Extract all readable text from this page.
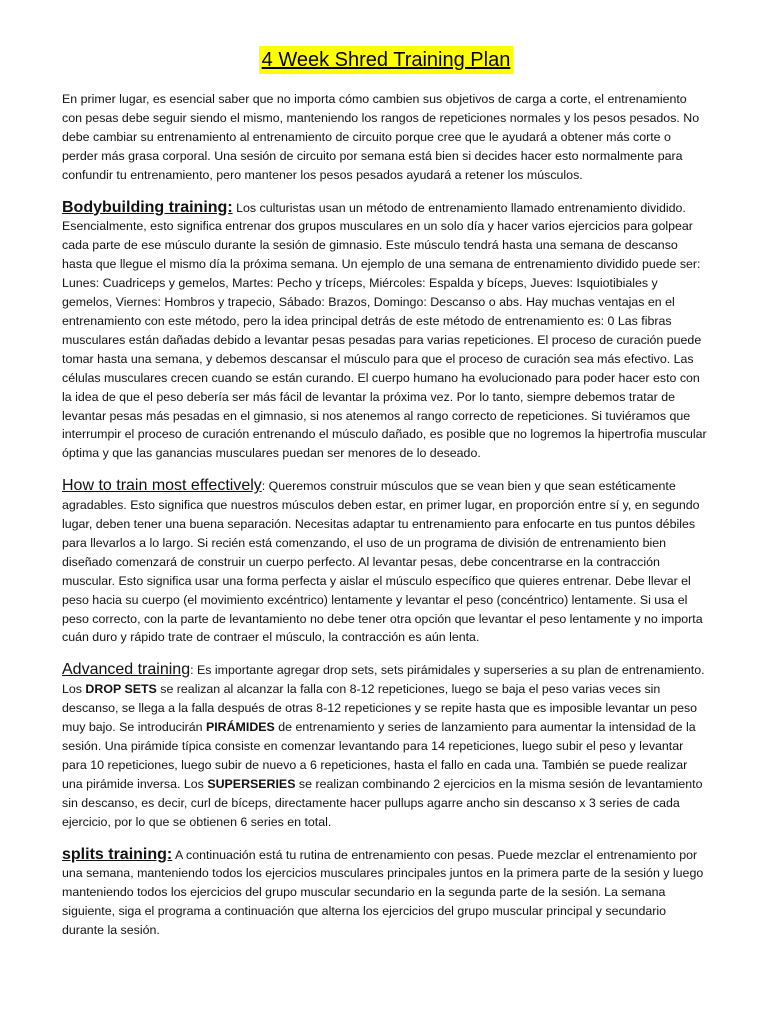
4 Week Shred Training Plan

En primer lugar, es esencial saber que no importa cómo cambien sus objetivos de carga a corte, el entrenamiento con pesas debe seguir siendo el mismo, manteniendo los rangos de repeticiones normales y los pesos pesados. No debe cambiar su entrenamiento al entrenamiento de circuito porque cree que le ayudará a obtener más corte o perder más grasa corporal. Una sesión de circuito por semana está bien si decides hacer esto normalmente para confundir tu entrenamiento, pero mantener los pesos pesados ayudará a retener los músculos.

Bodybuilding training: Los culturistas usan un método de entrenamiento llamado entrenamiento dividido. Esencialmente, esto significa entrenar dos grupos musculares en un solo día y hacer varios ejercicios para golpear cada parte de ese músculo durante la sesión de gimnasio. Este músculo tendrá hasta una semana de descanso hasta que llegue el mismo día la próxima semana. Un ejemplo de una semana de entrenamiento dividido puede ser: Lunes: Cuadriceps y gemelos, Martes: Pecho y tríceps, Miércoles: Espalda y bíceps, Jueves: Isquiotibiales y gemelos, Viernes: Hombros y trapecio, Sábado: Brazos, Domingo: Descanso o abs. Hay muchas ventajas en el entrenamiento con este método, pero la idea principal detrás de este método de entrenamiento es: 0 Las fibras musculares están dañadas debido a levantar pesas pesadas para varias repeticiones. El proceso de curación puede tomar hasta una semana, y debemos descansar el músculo para que el proceso de curación sea más efectivo. Las células musculares crecen cuando se están curando. El cuerpo humano ha evolucionado para poder hacer esto con la idea de que el peso debería ser más fácil de levantar la próxima vez. Por lo tanto, siempre debemos tratar de levantar pesas más pesadas en el gimnasio, si nos atenemos al rango correcto de repeticiones. Si tuviéramos que interrumpir el proceso de curación entrenando el músculo dañado, es posible que no logremos la hipertrofia muscular óptima y que las ganancias musculares puedan ser menores de lo deseado.

How to train most effectively: Queremos construir músculos que se vean bien y que sean estéticamente agradables. Esto significa que nuestros músculos deben estar, en primer lugar, en proporción entre sí y, en segundo lugar, deben tener una buena separación. Necesitas adaptar tu entrenamiento para enfocarte en tus puntos débiles para llevarlos a lo largo. Si recién está comenzando, el uso de un programa de división de entrenamiento bien diseñado comenzará de construir un cuerpo perfecto. Al levantar pesas, debe concentrarse en la contracción muscular. Esto significa usar una forma perfecta y aislar el músculo específico que quieres entrenar. Debe llevar el peso hacia su cuerpo (el movimiento excéntrico) lentamente y levantar el peso (concéntrico) lentamente. Si usa el peso correcto, con la parte de levantamiento no debe tener otra opción que levantar el peso lentamente y no importa cuán duro y rápido trate de contraer el músculo, la contracción es aún lenta.

Advanced training: Es importante agregar drop sets, sets pirámidales y superseries a su plan de entrenamiento. Los DROP SETS se realizan al alcanzar la falla con 8-12 repeticiones, luego se baja el peso varias veces sin descanso, se llega a la falla después de otras 8-12 repeticiones y se repite hasta que es imposible levantar un peso muy bajo. Se introducirán PIRÁMIDES de entrenamiento y series de lanzamiento para aumentar la intensidad de la sesión. Una pirámide típica consiste en comenzar levantando para 14 repeticiones, luego subir el peso y levantar para 10 repeticiones, luego subir de nuevo a 6 repeticiones, hasta el fallo en cada una. También se puede realizar una pirámide inversa. Los SUPERSERIES se realizan combinando 2 ejercicios en la misma sesión de levantamiento sin descanso, es decir, curl de bíceps, directamente hacer pullups agarre ancho sin descanso x 3 series de cada ejercicio, por lo que se obtienen 6 series en total.

splits training: A continuación está tu rutina de entrenamiento con pesas. Puede mezclar el entrenamiento por una semana, manteniendo todos los ejercicios musculares principales juntos en la primera parte de la sesión y luego manteniendo todos los ejercicios del grupo muscular secundario en la segunda parte de la sesión. La semana siguiente, siga el programa a continuación que alterna los ejercicios del grupo muscular principal y secundario durante la sesión.
